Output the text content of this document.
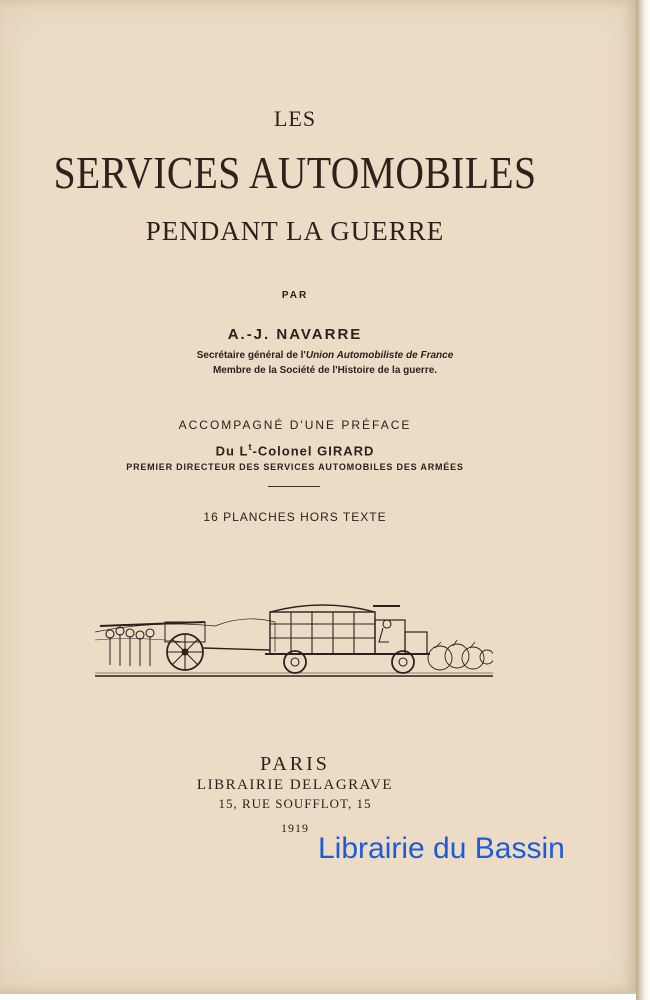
LES
SERVICES AUTOMOBILES
PENDANT LA GUERRE
PAR
A.-J. NAVARRE
Secrétaire général de l'Union Automobiliste de France
Membre de la Société de l'Histoire de la guerre.
ACCOMPAGNÉ D'UNE PRÉFACE
Du $L^t$-Colonel GIRARD
PREMIER DIRECTEUR DES SERVICES AUTOMOBILES DES ARMÉES
16 PLANCHES HORS TEXTE
PARIS
LIBRAIRIE DELAGRAVE
15, RUE SOUFFLOT, 15
1919
Librairie du Bassin
